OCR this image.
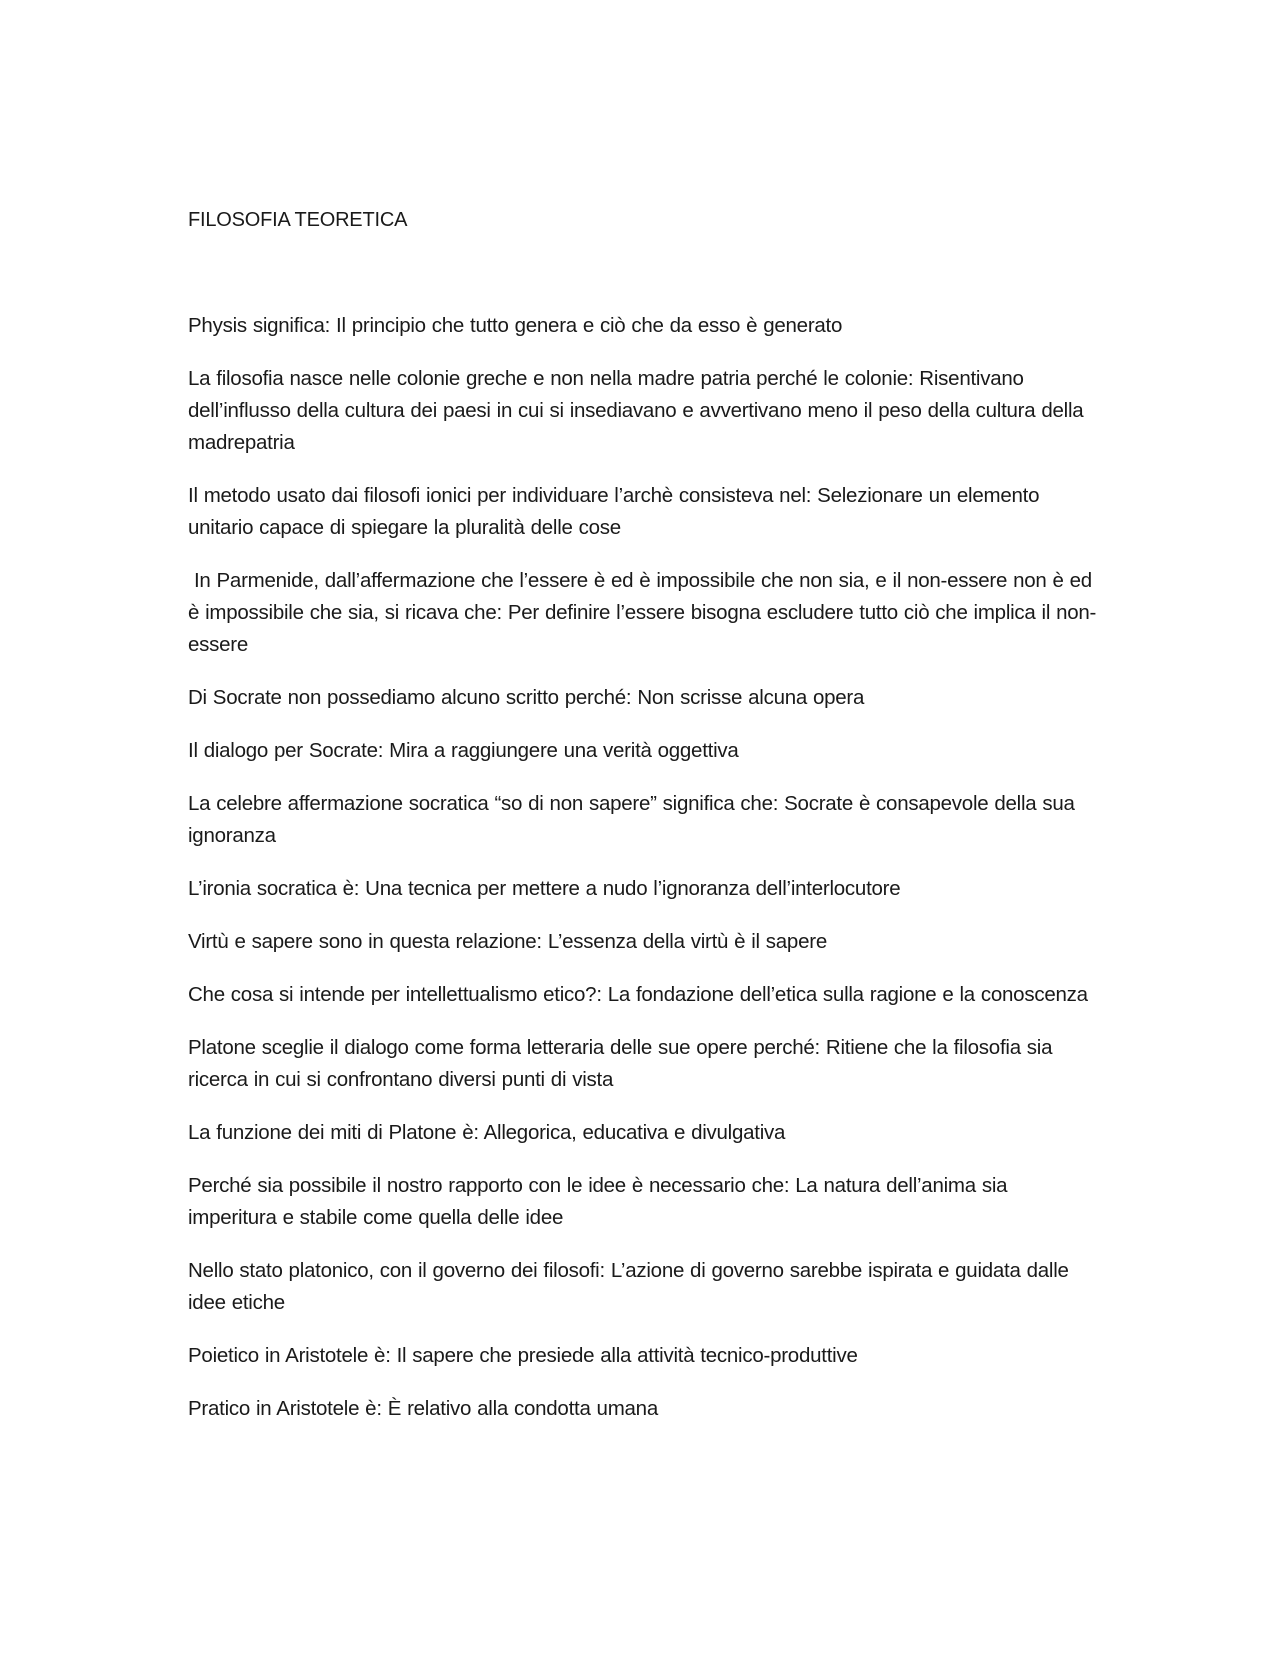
FILOSOFIA TEORETICA

Physis significa: Il principio che tutto genera e ciò che da esso è generato

La filosofia nasce nelle colonie greche e non nella madre patria perché le colonie: Risentivano dell’influsso della cultura dei paesi in cui si insediavano e avvertivano meno il peso della cultura della madrepatria

Il metodo usato dai filosofi ionici per individuare l’archè consisteva nel: Selezionare un elemento unitario capace di spiegare la pluralità delle cose

In Parmenide, dall’affermazione che l’essere è ed è impossibile che non sia, e il non-essere non è ed è impossibile che sia, si ricava che: Per definire l’essere bisogna escludere tutto ciò che implica il non-essere

Di Socrate non possediamo alcuno scritto perché: Non scrisse alcuna opera

Il dialogo per Socrate: Mira a raggiungere una verità oggettiva

La celebre affermazione socratica “so di non sapere” significa che: Socrate è consapevole della sua ignoranza

L’ironia socratica è: Una tecnica per mettere a nudo l’ignoranza dell’interlocutore

Virtù e sapere sono in questa relazione: L’essenza della virtù è il sapere

Che cosa si intende per intellettualismo etico?: La fondazione dell’etica sulla ragione e la conoscenza

Platone sceglie il dialogo come forma letteraria delle sue opere perché: Ritiene che la filosofia sia ricerca in cui si confrontano diversi punti di vista

La funzione dei miti di Platone è: Allegorica, educativa e divulgativa

Perché sia possibile il nostro rapporto con le idee è necessario che: La natura dell’anima sia imperitura e stabile come quella delle idee

Nello stato platonico, con il governo dei filosofi: L’azione di governo sarebbe ispirata e guidata dalle idee etiche

Poietico in Aristotele è: Il sapere che presiede alla attività tecnico-produttive

Pratico in Aristotele è: È relativo alla condotta umana
